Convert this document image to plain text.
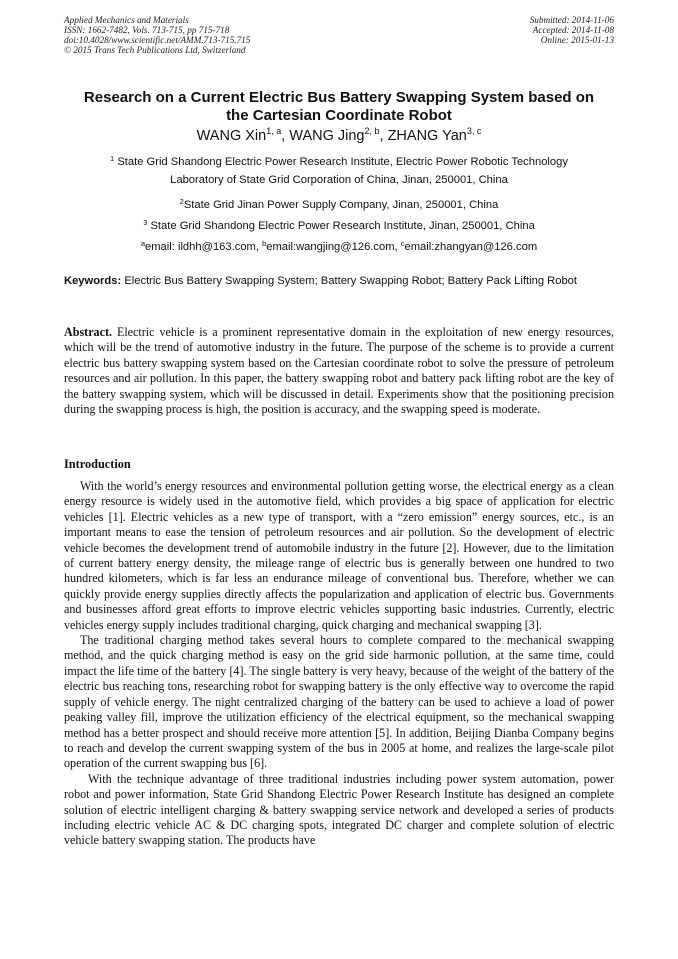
Applied Mechanics and Materials
ISSN: 1662-7482, Vols. 713-715, pp 715-718
doi:10.4028/www.scientific.net/AMM.713-715.715
© 2015 Trans Tech Publications Ltd, Switzerland
Submitted: 2014-11-06
Accepted: 2014-11-08
Online: 2015-01-13
Research on a Current Electric Bus Battery Swapping System based on
the Cartesian Coordinate Robot
WANG Xin$^{1, a}$, WANG Jing$^{2, b}$, ZHANG Yan$^{3, c}$
$^1$ State Grid Shandong Electric Power Research Institute, Electric Power Robotic Technology
Laboratory of State Grid Corporation of China, Jinan, 250001, China
$^2$State Grid Jinan Power Supply Company, Jinan, 250001, China
$^3$ State Grid Shandong Electric Power Research Institute, Jinan, 250001, China
$^a$email: ildhh@163.com, $^b$email:wangjing@126.com, $^c$email:zhangyan@126.com
Keywords: Electric Bus Battery Swapping System; Battery Swapping Robot; Battery Pack Lifting Robot

Abstract. Electric vehicle is a prominent representative domain in the exploitation of new energy resources, which will be the trend of automotive industry in the future. The purpose of the scheme is to provide a current electric bus battery swapping system based on the Cartesian coordinate robot to solve the pressure of petroleum resources and air pollution. In this paper, the battery swapping robot and battery pack lifting robot are the key of the battery swapping system, which will be discussed in detail. Experiments show that the positioning precision during the swapping process is high, the position is accuracy, and the swapping speed is moderate.

Introduction

With the world’s energy resources and environmental pollution getting worse, the electrical energy as a clean energy resource is widely used in the automotive field, which provides a big space of application for electric vehicles [1]. Electric vehicles as a new type of transport, with a “zero emission” energy sources, etc., is an important means to ease the tension of petroleum resources and air pollution. So the development of electric vehicle becomes the development trend of automobile industry in the future [2]. However, due to the limitation of current battery energy density, the mileage range of electric bus is generally between one hundred to two hundred kilometers, which is far less an endurance mileage of conventional bus. Therefore, whether we can quickly provide energy supplies directly affects the popularization and application of electric bus. Governments and businesses afford great efforts to improve electric vehicles supporting basic industries. Currently, electric vehicles energy supply includes traditional charging, quick charging and mechanical swapping [3].

The traditional charging method takes several hours to complete compared to the mechanical swapping method, and the quick charging method is easy on the grid side harmonic pollution, at the same time, could impact the life time of the battery [4]. The single battery is very heavy, because of the weight of the battery of the electric bus reaching tons, researching robot for swapping battery is the only effective way to overcome the rapid supply of vehicle energy. The night centralized charging of the battery can be used to achieve a load of power peaking valley fill, improve the utilization efficiency of the electrical equipment, so the mechanical swapping method has a better prospect and should receive more attention [5]. In addition, Beijing Dianba Company begins to reach and develop the current swapping system of the bus in 2005 at home, and realizes the large-scale pilot operation of the current swapping bus [6].

With the technique advantage of three traditional industries including power system automation, power robot and power information, State Grid Shandong Electric Power Research Institute has designed an complete solution of electric intelligent charging & battery swapping service network and developed a series of products including electric vehicle AC & DC charging spots, integrated DC charger and complete solution of electric vehicle battery swapping station. The products have
